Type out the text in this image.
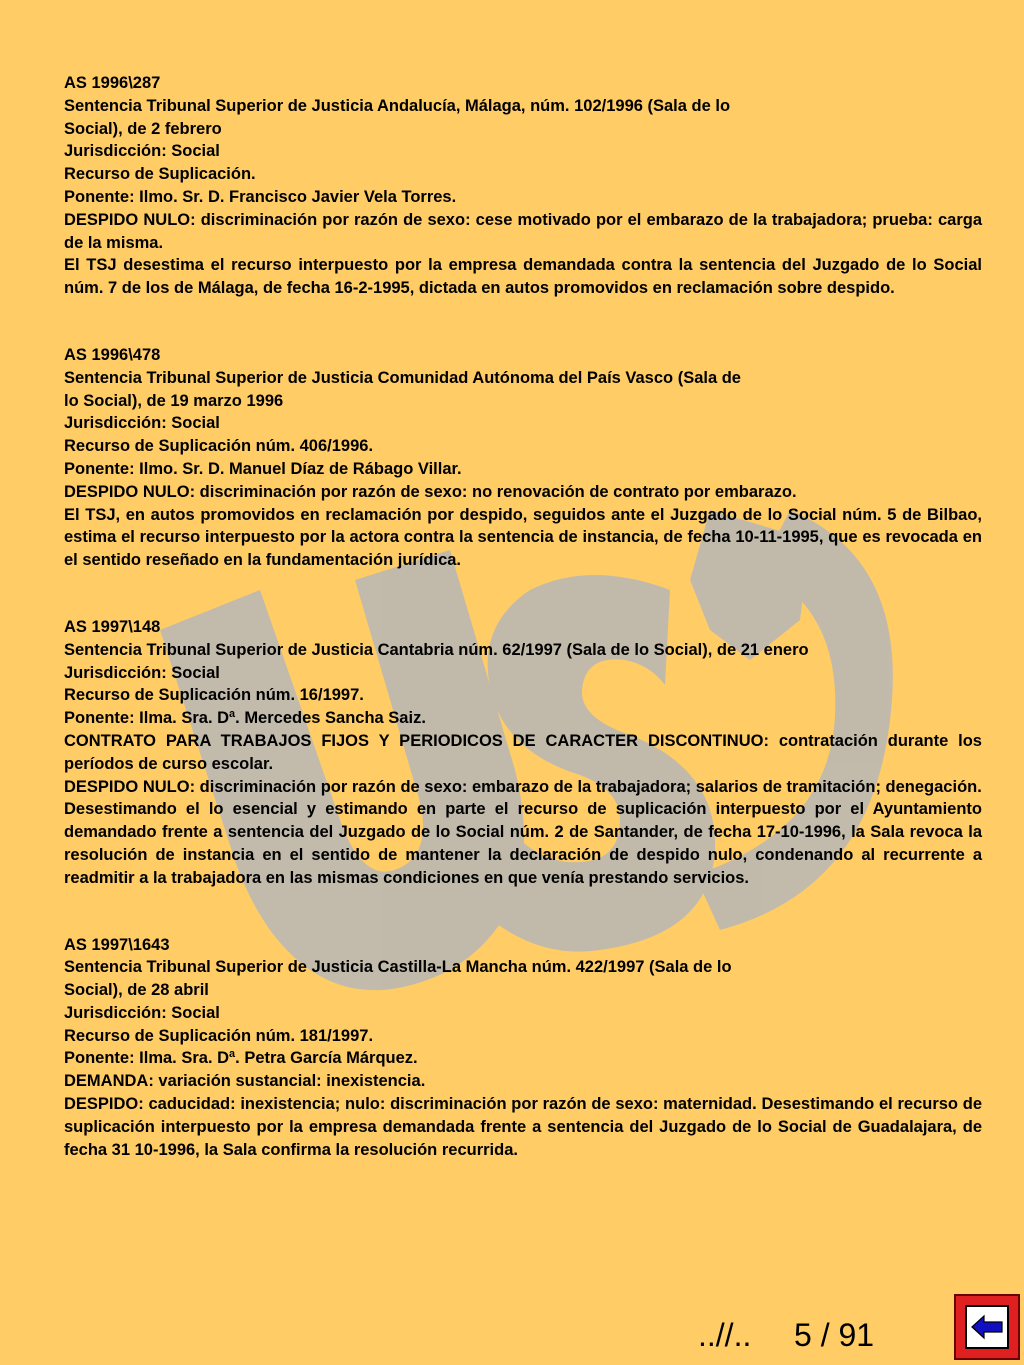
AS 1996\287

Sentencia Tribunal Superior de Justicia Andalucía, Málaga, núm. 102/1996 (Sala de lo

Social), de 2 febrero

Jurisdicción: Social

Recurso de Suplicación.

Ponente: Ilmo. Sr. D. Francisco Javier Vela Torres.

DESPIDO NULO: discriminación por razón de sexo: cese motivado por el embarazo de la trabajadora; prueba: carga de la misma.

El TSJ desestima el recurso interpuesto por la empresa demandada contra la sentencia del Juzgado de lo Social núm. 7 de los de Málaga, de fecha 16-2-1995, dictada en autos promovidos en reclamación sobre despido.

AS 1996\478

Sentencia Tribunal Superior de Justicia Comunidad Autónoma del País Vasco (Sala de

lo Social), de 19 marzo 1996

Jurisdicción: Social

Recurso de Suplicación núm. 406/1996.

Ponente: Ilmo. Sr. D. Manuel Díaz de Rábago Villar.

DESPIDO NULO: discriminación por razón de sexo: no renovación de contrato por embarazo.

El TSJ, en autos promovidos en reclamación por despido, seguidos ante el Juzgado de lo Social núm. 5 de Bilbao, estima el recurso interpuesto por la actora contra la sentencia de instancia, de fecha 10-11-1995, que es revocada en el sentido reseñado en la fundamentación jurídica.

AS 1997\148

Sentencia Tribunal Superior de Justicia Cantabria núm. 62/1997 (Sala de lo Social), de 21 enero

Jurisdicción: Social

Recurso de Suplicación núm. 16/1997.

Ponente: Ilma. Sra. Dª. Mercedes Sancha Saiz.

CONTRATO PARA TRABAJOS FIJOS Y PERIODICOS DE CARACTER DISCONTINUO: contratación durante los períodos de curso escolar.

DESPIDO NULO: discriminación por razón de sexo: embarazo de la trabajadora; salarios de tramitación; denegación.

Desestimando el lo esencial y estimando en parte el recurso de suplicación interpuesto por el Ayuntamiento demandado frente a sentencia del Juzgado de lo Social núm. 2 de Santander, de fecha 17-10-1996, la Sala revoca la resolución de instancia en el sentido de mantener la declaración de despido nulo, condenando al recurrente a readmitir a la trabajadora en las mismas condiciones en que venía prestando servicios.

AS 1997\1643

Sentencia Tribunal Superior de Justicia Castilla-La Mancha núm. 422/1997 (Sala de lo

Social), de 28 abril

Jurisdicción: Social

Recurso de Suplicación núm. 181/1997.

Ponente: Ilma. Sra. Dª. Petra García Márquez.

DEMANDA: variación sustancial: inexistencia.

DESPIDO: caducidad: inexistencia; nulo: discriminación por razón de sexo: maternidad. Desestimando el recurso de suplicación interpuesto por la empresa demandada frente a sentencia del Juzgado de lo Social de Guadalajara, de fecha 31 10-1996, la Sala confirma la resolución recurrida.

..//.. 5 / 91
